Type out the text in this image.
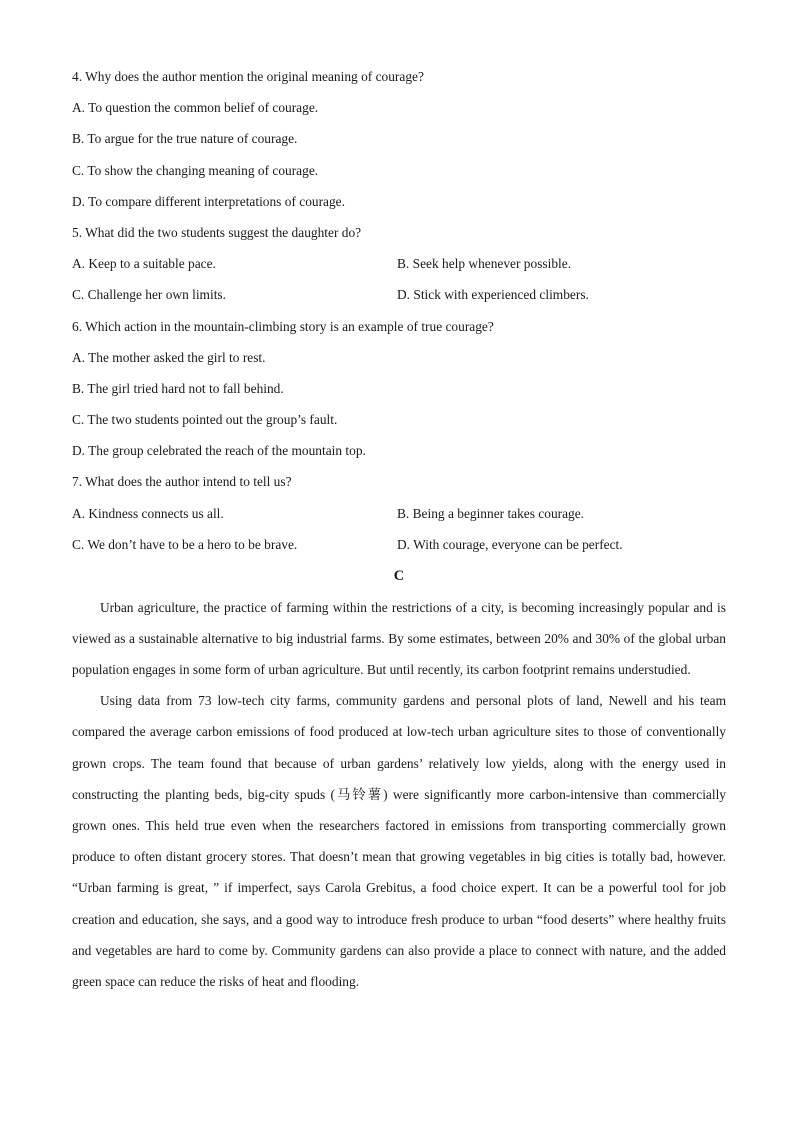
4. Why does the author mention the original meaning of courage?
A. To question the common belief of courage.
B. To argue for the true nature of courage.
C. To show the changing meaning of courage.
D. To compare different interpretations of courage.
5. What did the two students suggest the daughter do?
A. Keep to a suitable pace.	B. Seek help whenever possible.
C. Challenge her own limits.	D. Stick with experienced climbers.
6. Which action in the mountain-climbing story is an example of true courage?
A. The mother asked the girl to rest.
B. The girl tried hard not to fall behind.
C. The two students pointed out the group’s fault.
D. The group celebrated the reach of the mountain top.
7. What does the author intend to tell us?
A. Kindness connects us all.	B. Being a beginner takes courage.
C. We don’t have to be a hero to be brave.	D. With courage, everyone can be perfect.
C

Urban agriculture, the practice of farming within the restrictions of a city, is becoming increasingly popular and is viewed as a sustainable alternative to big industrial farms. By some estimates, between 20% and 30% of the global urban population engages in some form of urban agriculture. But until recently, its carbon footprint remains understudied.

Using data from 73 low-tech city farms, community gardens and personal plots of land, Newell and his team compared the average carbon emissions of food produced at low-tech urban agriculture sites to those of conventionally grown crops. The team found that because of urban gardens’ relatively low yields, along with the energy used in constructing the planting beds, big-city spuds (马铃薯) were significantly more carbon-intensive than commercially grown ones. This held true even when the researchers factored in emissions from transporting commercially grown produce to often distant grocery stores. That doesn’t mean that growing vegetables in big cities is totally bad, however. “Urban farming is great, ” if imperfect, says Carola Grebitus, a food choice expert. It can be a powerful tool for job creation and education, she says, and a good way to introduce fresh produce to urban “food deserts” where healthy fruits and vegetables are hard to come by. Community gardens can also provide a place to connect with nature, and the added green space can reduce the risks of heat and flooding.
